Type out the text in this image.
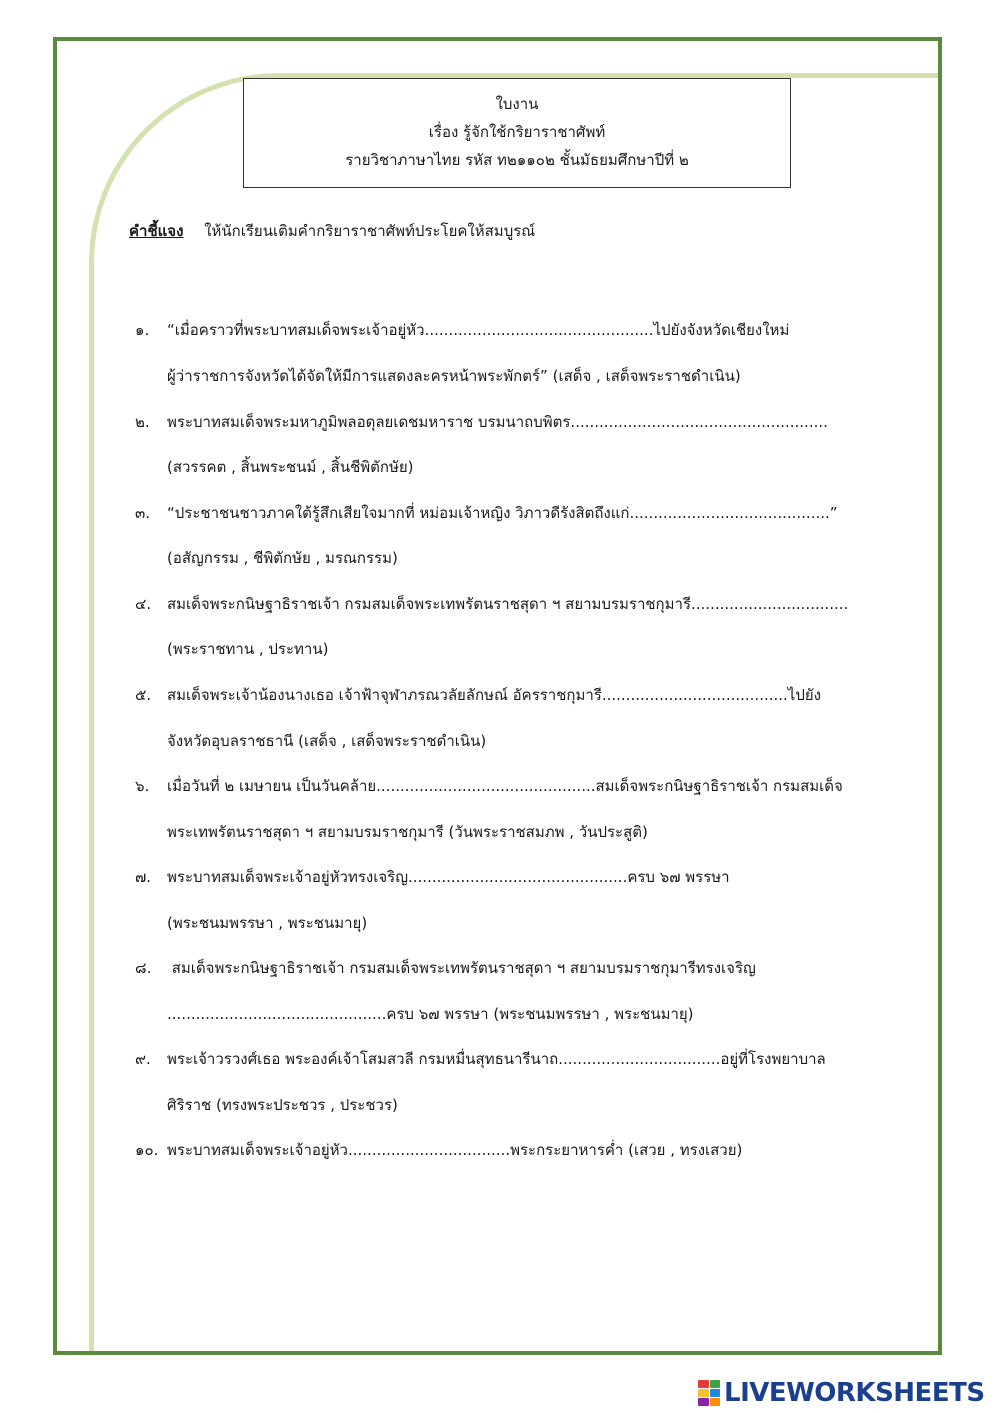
ใบงาน
เรื่อง รู้จักใช้กริยาราชาศัพท์
รายวิชาภาษาไทย รหัส ท๒๑๑๐๒ ชั้นมัธยมศึกษาปีที่ ๒
คำชี้แจง ให้นักเรียนเติมคำกริยาราชาศัพท์ประโยคให้สมบูรณ์
๑. “เมื่อคราวที่พระบาทสมเด็จพระเจ้าอยู่หัว................................................ไปยังจังหวัดเชียงใหม่
ผู้ว่าราชการจังหวัดได้จัดให้มีการแสดงละครหน้าพระพักตร์” (เสด็จ , เสด็จพระราชดำเนิน)
๒. พระบาทสมเด็จพระมหาภูมิพลอดุลยเดชมหาราช บรมนาถบพิตร......................................................
(สวรรคต , สิ้นพระชนม์ , สิ้นชีพิตักษัย)
๓. “ประชาชนชาวภาคใต้รู้สึกเสียใจมากที่ หม่อมเจ้าหญิง วิภาวดีรังสิตถึงแก่..........................................”
(อสัญกรรม , ชีพิตักษัย , มรณกรรม)
๔. สมเด็จพระกนิษฐาธิราชเจ้า กรมสมเด็จพระเทพรัตนราชสุดา ฯ สยามบรมราชกุมารี.................................
(พระราชทาน , ประทาน)
๕. สมเด็จพระเจ้าน้องนางเธอ เจ้าฟ้าจุฬาภรณวลัยลักษณ์ อัครราชกุมารี.......................................ไปยัง
จังหวัดอุบลราชธานี (เสด็จ , เสด็จพระราชดำเนิน)
๖. เมื่อวันที่ ๒ เมษายน เป็นวันคล้าย..............................................สมเด็จพระกนิษฐาธิราชเจ้า กรมสมเด็จ
พระเทพรัตนราชสุดา ฯ สยามบรมราชกุมารี (วันพระราชสมภพ , วันประสูติ)
๗. พระบาทสมเด็จพระเจ้าอยู่หัวทรงเจริญ..............................................ครบ ๖๗ พรรษา
(พระชนมพรรษา , พระชนมายุ)
๘. สมเด็จพระกนิษฐาธิราชเจ้า กรมสมเด็จพระเทพรัตนราชสุดา ฯ สยามบรมราชกุมารีทรงเจริญ
..............................................ครบ ๖๗ พรรษา (พระชนมพรรษา , พระชนมายุ)
๙. พระเจ้าวรวงศ์เธอ พระองค์เจ้าโสมสวลี กรมหมื่นสุทธนารีนาถ..................................อยู่ที่โรงพยาบาล
ศิริราช (ทรงพระประชวร , ประชวร)
๑๐. พระบาทสมเด็จพระเจ้าอยู่หัว..................................พระกระยาหารค่ำ (เสวย , ทรงเสวย)
LIVEWORKSHEETS
